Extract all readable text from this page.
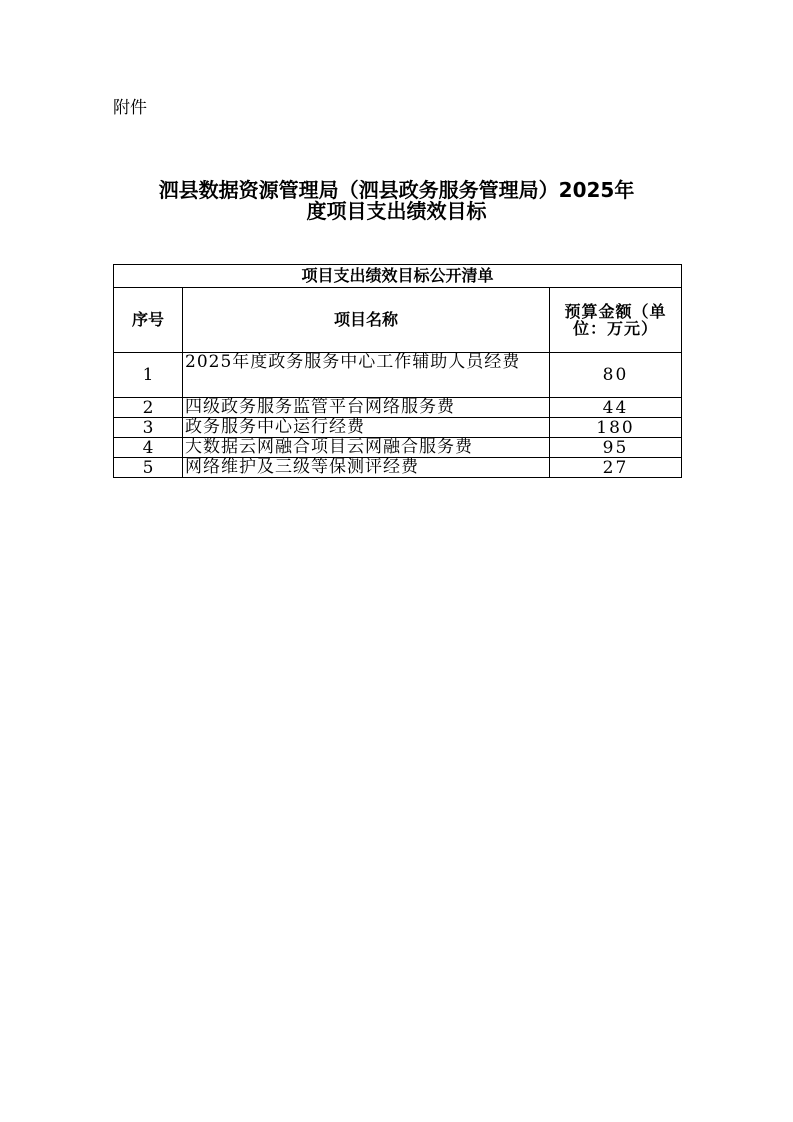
附件
泗县数据资源管理局（泗县政务服务管理局）2025年
度项目支出绩效目标
项目支出绩效目标公开清单		
序号	项目名称	预算金额（单位：万元）
1	2025年度政务服务中心工作辅助人员经费	80
2	四级政务服务监管平台网络服务费	44
3	政务服务中心运行经费	180
4	大数据云网融合项目云网融合服务费	95
5	网络维护及三级等保测评经费	27
